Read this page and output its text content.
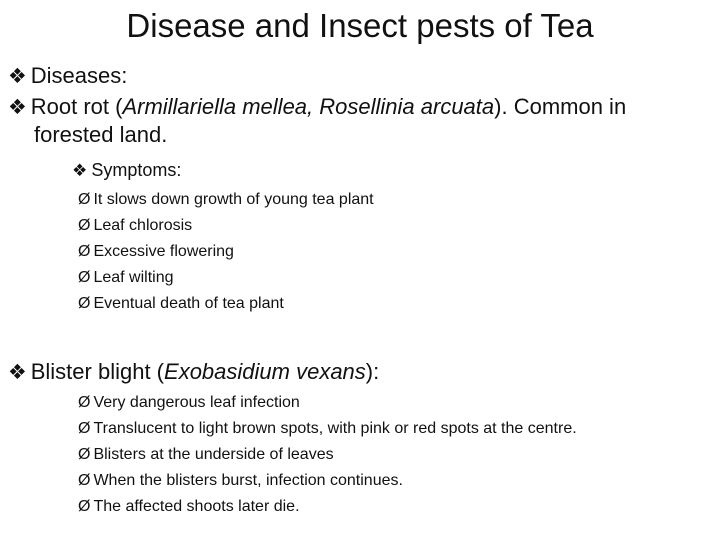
Disease and Insect pests of Tea
❖ Diseases:
❖ Root rot (Armillariella mellea, Rosellinia arcuata). Common in
forested land.
❖ Symptoms:
Ø It slows down growth of young tea plant
Ø Leaf chlorosis
Ø Excessive flowering
Ø Leaf wilting
Ø Eventual death of tea plant
❖ Blister blight (Exobasidium vexans):
Ø Very dangerous leaf infection
Ø Translucent to light brown spots, with pink or red spots at the centre.
Ø Blisters at the underside of leaves
Ø When the blisters burst, infection continues.
Ø The affected shoots later die.
